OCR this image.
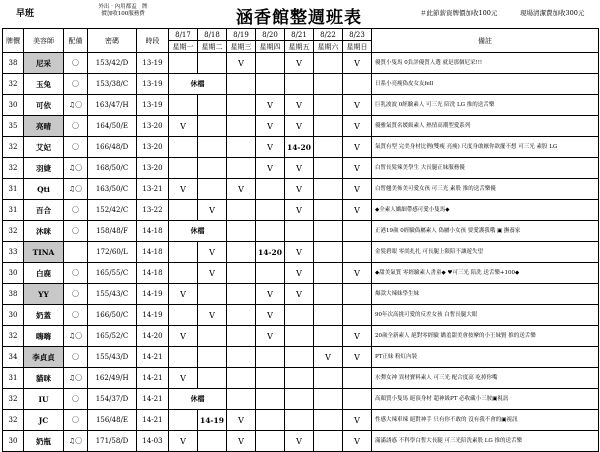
早班
外出 · 內用都盃　牌
價加收100服務費	涵香館整週班表	＃此節薪資牌價加收100元	現場清潔費加收300元
牌價	美容師	配備	密碼	時段	8/17	8/18	8/19	8/20	8/21	8/22	8/23	備註
					星期一	星期二	星期三	星期四	星期五	星期六	星期日	
38	尼采	〇	153/42/D	13-19			V		V		V	優質小隻馬 0負評優質人選 就是那個尼采!!!
32	玉兔	〇	153/38/C	13-19	休檔							日系小亮瘦偽皮女友fell
30	可依	♫〇	163/47/H	13-19				V	V		V	巨乳波波 0經驗素人 可三光 陪洗 LG 推的送舌樂
35	亮晴	〇	164/50/E	13-20	V			V	V		V	優雅氣質名媛級素人 熱情高潮型愛系列
32	艾妃	〇	166/48/D	13-20				V	14-20		V	氣質有型 完美身材比例(雙瘦 亮瘦) 尺度身敢厭你欲擺不想 可三光 素股 LG
32	羽婕	♫〇	168/50/C	13-20				V	V		V	白皙長髮辣美學生 大長腿正妹服務優
31	Qti	♫〇	163/50/C	13-21	V		V		V		V	白皙翹美佈美可愛女孩 可三光 素股 推的送舌樂優
31	百合	〇	152/42/C	13-22		V			V		V	◆全素人嬌細帶感可愛小隻馬◆
32	沐咪	〇	158/48/F	14-18	休檔							正港19歲 0經驗偽屬素人 偽屬小女孩 要愛護我哦 ▣ 撫養家
33	TINA		172/60/L	14-18		V		14-20	V			金髮碧眼 零尚扎扎 可長腿上限陪不讓遊失望
30	白鹿	〇	165/55/C	14-18		V			V		V	◆甜美氣質 零經驗素人書童◆ ♥可三光 陪洗 送舌樂+100◆
38	YY	〇	155/43/C	14-19	V			V	V			爆款大辣妹學生妹
30	奶蓋	〇	166/50/C	14-19		V		V				90年次高挑可愛的反差女孩 白皙長腿大眼
32	嗨嗨	♫〇	165/52/C	14-20	V			V			V	20歲全新素人 絕對零經驗 嬌羞甜美會按摩的小王妹賢 推的送舌樂
34	李貞貞	〇	155/43/D	14-21						V	V	PT正妹 粉紅內裝
31	貓咪	♫〇	162/49/H	14-21	V							水彈女神 異材寶料素人 可三光 配合度高 吃掉你嘴
32	IU	〇	154/37/D	14-21	休檔							高顏質小隻馬 絕頂身材 超神級PT 必收藏小三胺▣視訊
32	JC	〇	156/48/E	14-21		14-19	V				V	性感大辣車辣 絕對神手 只有你不敢的 沒有我不會的▣視訊
30	奶瓶	♫〇	171/58/D	14-03	V		V		V		V	滿滿誘惑 不科學白皙大長腿 可三光陪洗素股 LG 推的送舌樂
